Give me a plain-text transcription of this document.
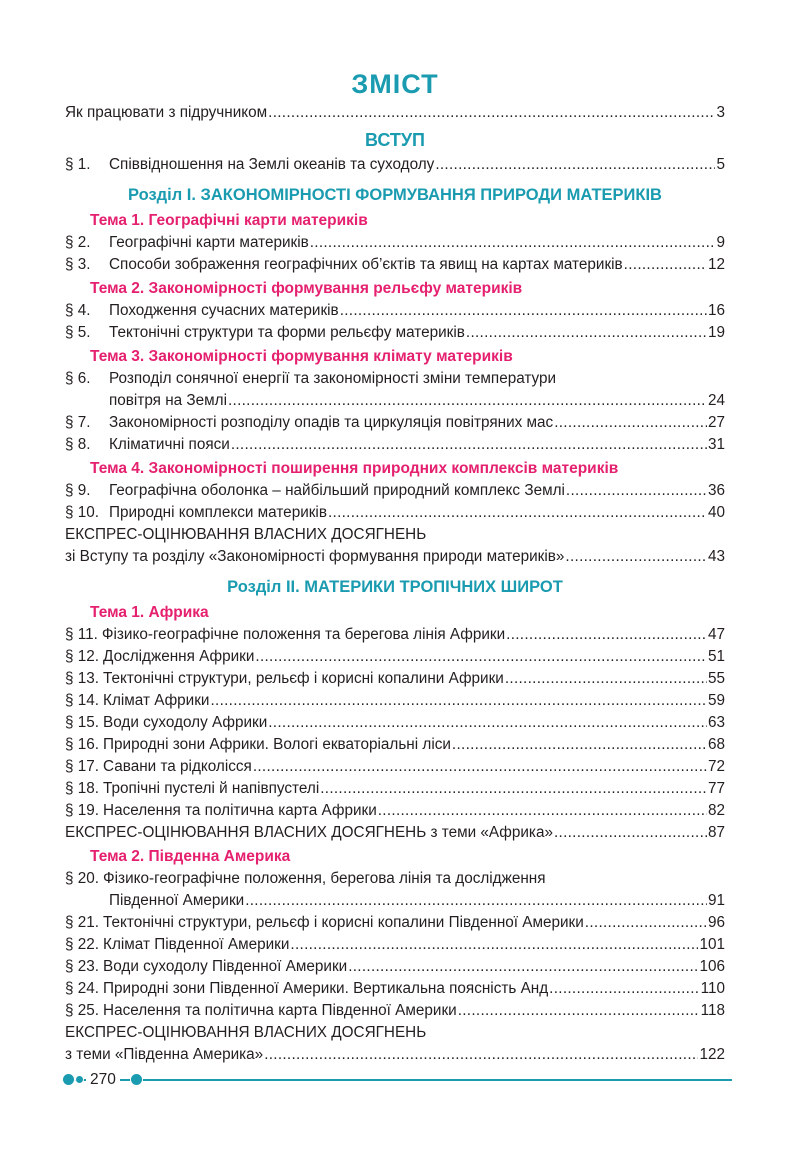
ЗМІСТ
Як працювати з підручником .....	3
ВСТУП
§ 1.	Співвідношення на Землі океанів та суходолу .....	5
Розділ І. ЗАКОНОМІРНОСТІ ФОРМУВАННЯ ПРИРОДИ МАТЕРИКІВ
Тема 1. Географічні карти материків
§ 2.	Географічні карти материків .....	9
§ 3.	Способи зображення географічних об’єктів та явищ на картах материків .....	12
Тема 2. Закономірності формування рельєфу материків
§ 4.	Походження сучасних материків .....	16
§ 5.	Тектонічні структури та форми рельєфу материків .....	19
Тема 3. Закономірності формування клімату материків
§ 6.	Розподіл сонячної енергії та закономірності зміни температури
повітря на Землі .....	24
§ 7.	Закономірності розподілу опадів та циркуляція повітряних мас .....	27
§ 8.	Кліматичні пояси .....	31
Тема 4. Закономірності поширення природних комплексів материків
§ 9.	Географічна оболонка – найбільший природний комплекс Землі .....	36
§ 10. Природні комплекси материків .....	40
ЕКСПРЕС-ОЦІНЮВАННЯ ВЛАСНИХ ДОСЯГНЕНЬ
зі Вступу та розділу «Закономірності формування природи материків» .....	43
Розділ ІІ. МАТЕРИКИ ТРОПІЧНИХ ШИРОТ
Тема 1. Африка
§ 11. Фізико-географічне положення та берегова лінія Африки .....	47
§ 12. Дослідження Африки .....	51
§ 13. Тектонічні структури, рельєф і корисні копалини Африки .....	55
§ 14. Клімат Африки .....	59
§ 15. Води суходолу Африки .....	63
§ 16. Природні зони Африки. Вологі екваторіальні ліси .....	68
§ 17. Савани та рідколісся .....	72
§ 18. Тропічні пустелі й напівпустелі .....	77
§ 19. Населення та політична карта Африки .....	82
ЕКСПРЕС-ОЦІНЮВАННЯ ВЛАСНИХ ДОСЯГНЕНЬ з теми «Африка» .....	87
Тема 2. Південна Америка
§ 20. Фізико-географічне положення, берегова лінія та дослідження
Південної Америки .....	91
§ 21. Тектонічні структури, рельєф і корисні копалини Південної Америки .....	96
§ 22. Клімат Південної Америки .....	101
§ 23. Води суходолу Південної Америки .....	106
§ 24. Природні зони Південної Америки. Вертикальна поясність Анд .....	110
§ 25. Населення та політична карта Південної Америки .....	118
ЕКСПРЕС-ОЦІНЮВАННЯ ВЛАСНИХ ДОСЯГНЕНЬ
з теми «Південна Америка» .....	122
270
